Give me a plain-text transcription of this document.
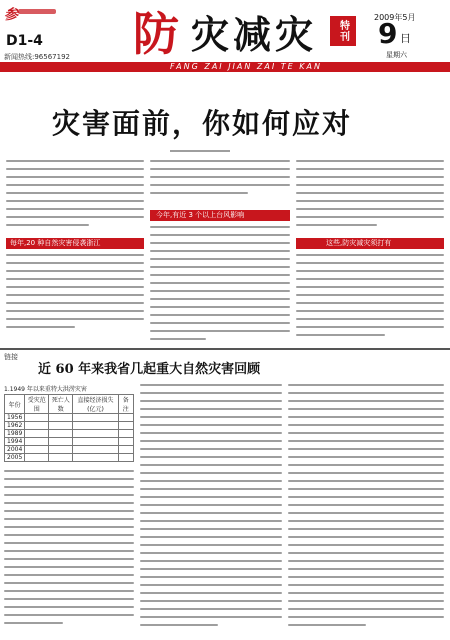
参
D1-4
新闻热线:96567192 防 灾 减 灾 特刊
2009年5月
9 日
星期六
FANG ZAI JIAN ZAI TE KAN
灾害面前，你如何应对
每年,20 种自然灾害侵袭浙江
今年,有近 3 个以上台风影响
这些,防灾减灾须打有
链接
近 60 年来我省几起重大自然灾害回顾
1.1949 年以来重特大洪涝灾害
年份	受灾范围	死亡人数	直接经济损失(亿元)	备注
1956				
1962				
1989				
1994				
2004				
2005				
